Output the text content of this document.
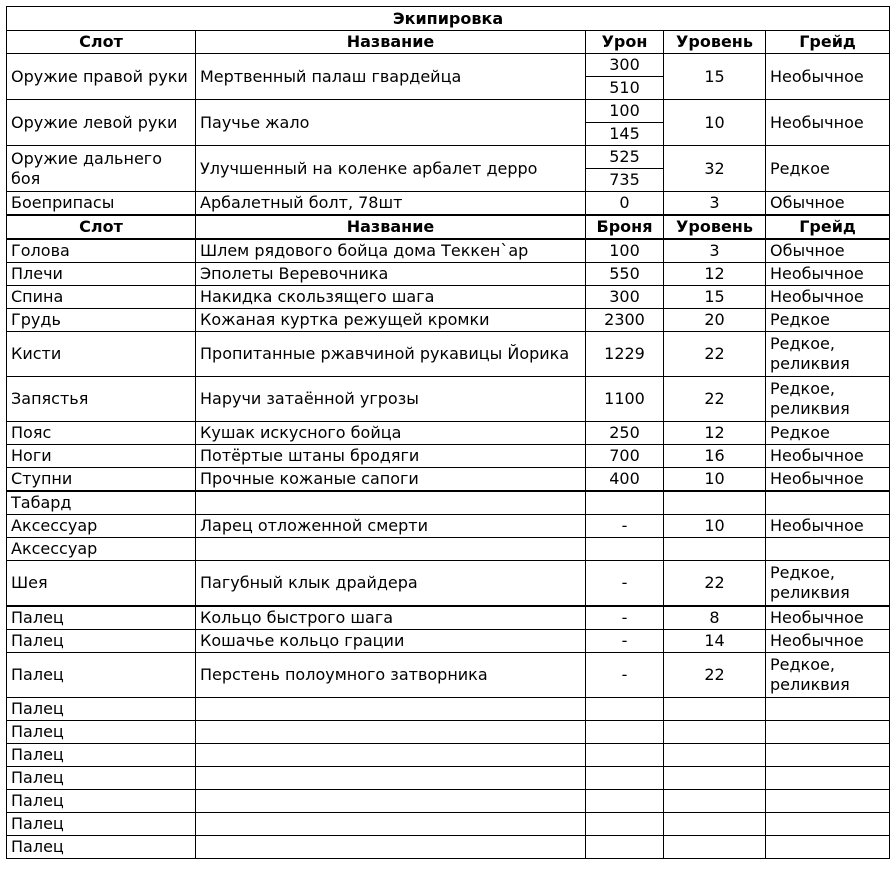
Экипировка				
Слот	Название	Урон	Уровень	Грейд
Оружие правой руки	Мертвенный палаш гвардейца	300	15	Необычное
		510		
Оружие левой руки	Паучье жало	100	10	Необычное
		145		
Оружие дальнего боя	Улучшенный на коленке арбалет дерро	525	32	Редкое
		735		
Боеприпасы	Арбалетный болт, 78шт	0	3	Обычное
Слот	Название	Броня	Уровень	Грейд
Голова	Шлем рядового бойца дома Теккен`ар	100	3	Обычное
Плечи	Эполеты Веревочника	550	12	Необычное
Спина	Накидка скользящего шага	300	15	Необычное
Грудь	Кожаная куртка режущей кромки	2300	20	Редкое
Кисти	Пропитанные ржавчиной рукавицы Йорика	1229	22	Редкое, реликвия
Запястья	Наручи затаённой угрозы	1100	22	Редкое, реликвия
Пояс	Кушак искусного бойца	250	12	Редкое
Ноги	Потёртые штаны бродяги	700	16	Необычное
Ступни	Прочные кожаные сапоги	400	10	Необычное
Табард				
Аксессуар	Ларец отложенной смерти	-	10	Необычное
Аксессуар				
Шея	Пагубный клык драйдера	-	22	Редкое, реликвия
Палец	Кольцо быстрого шага	-	8	Необычное
Палец	Кошачье кольцо грации	-	14	Необычное
Палец	Перстень полоумного затворника	-	22	Редкое, реликвия
Палец				
Палец				
Палец				
Палец				
Палец				
Палец				
Палец				
